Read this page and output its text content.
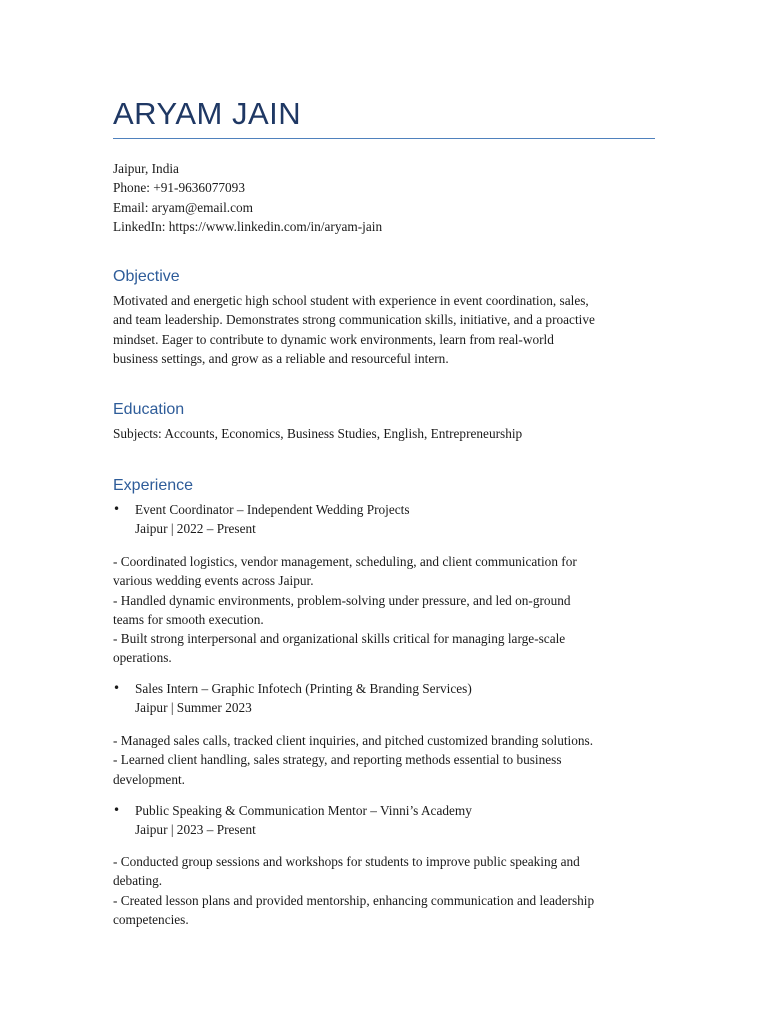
ARYAM JAIN
Jaipur, India
Phone: +91-9636077093
Email: aryam@email.com
LinkedIn: https://www.linkedin.com/in/aryam-jain
Objective
Motivated and energetic high school student with experience in event coordination, sales,
and team leadership. Demonstrates strong communication skills, initiative, and a proactive
mindset. Eager to contribute to dynamic work environments, learn from real-world
business settings, and grow as a reliable and resourceful intern.
Education
Subjects: Accounts, Economics, Business Studies, English, Entrepreneurship
Experience
•	Event Coordinator – Independent Wedding Projects
Jaipur | 2022 – Present
- Coordinated logistics, vendor management, scheduling, and client communication for
various wedding events across Jaipur.
- Handled dynamic environments, problem-solving under pressure, and led on-ground
teams for smooth execution.
- Built strong interpersonal and organizational skills critical for managing large-scale
operations.
•	Sales Intern – Graphic Infotech (Printing & Branding Services)
Jaipur | Summer 2023
- Managed sales calls, tracked client inquiries, and pitched customized branding solutions.
- Learned client handling, sales strategy, and reporting methods essential to business
development.
•	Public Speaking & Communication Mentor – Vinni’s Academy
Jaipur | 2023 – Present
- Conducted group sessions and workshops for students to improve public speaking and
debating.
- Created lesson plans and provided mentorship, enhancing communication and leadership
competencies.
